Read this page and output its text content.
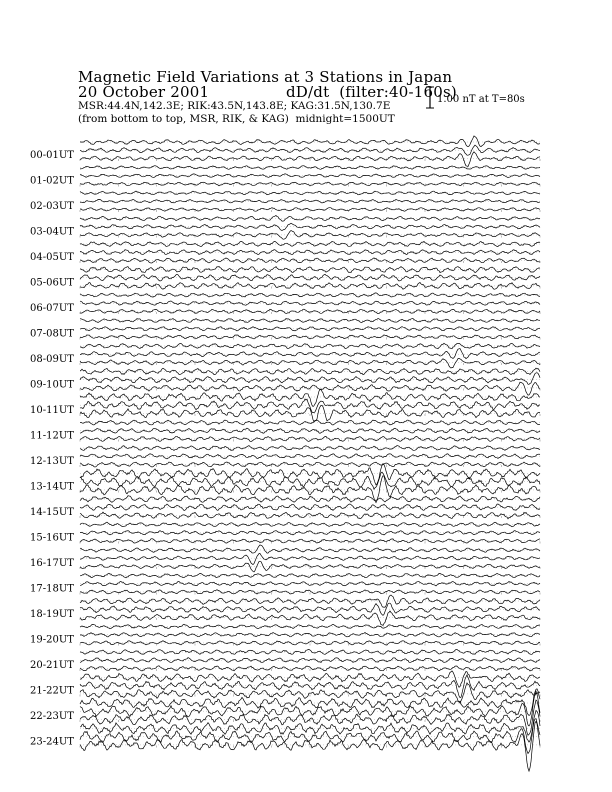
Magnetic Field Variations at 3 Stations in Japan
20 October 2001	dD/dt
(filter:40-160s)
MSR:44.4N,142.3E; RIK:43.5N,143.8E; KAG:31.5N,130.7E
(from bottom to top, MSR, RIK, & KAG) midnight=1500UT
1.00 nT at T=80s
00-01UT
01-02UT
02-03UT
03-04UT
04-05UT
05-06UT
06-07UT
07-08UT
08-09UT
09-10UT
10-11UT
11-12UT
12-13UT
13-14UT
14-15UT
15-16UT
16-17UT
17-18UT
18-19UT
19-20UT
20-21UT
21-22UT
22-23UT
23-24UT
